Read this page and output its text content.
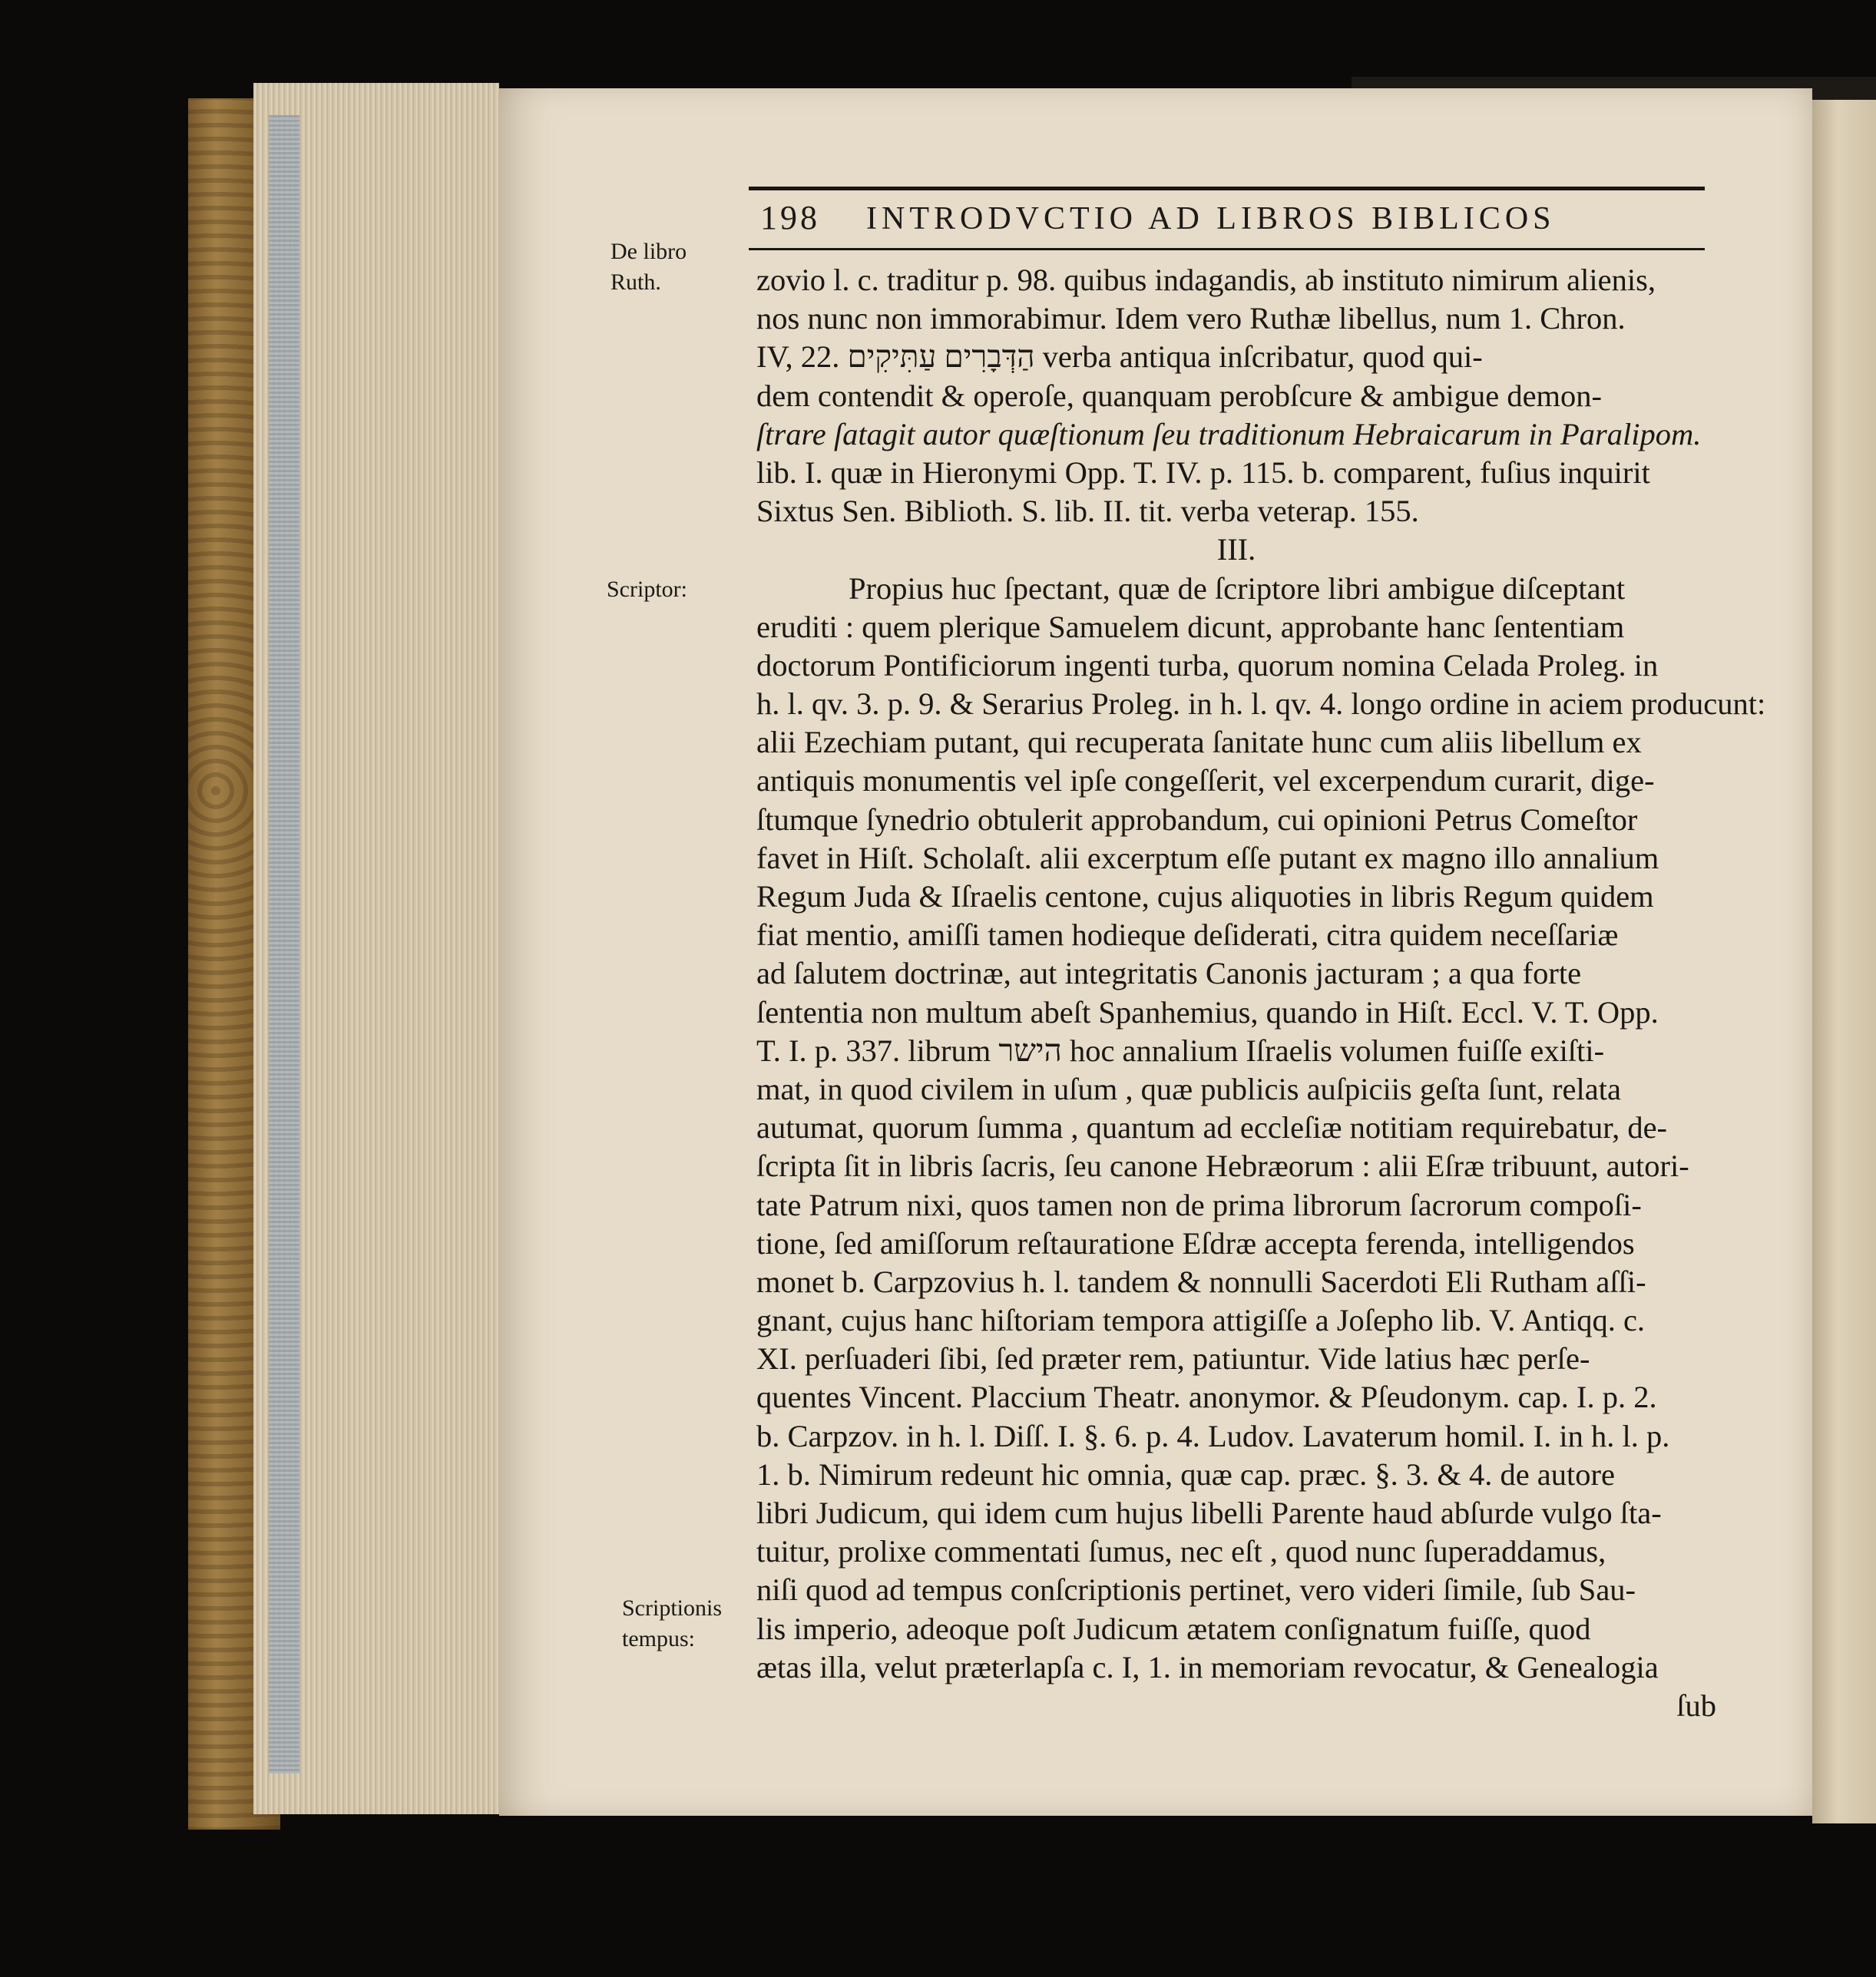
198 INTRODVCTIO AD LIBROS BIBLICOS
De libro
Ruth.
Scriptor:
Scriptionis
tempus:
zovio l. c. traditur p. 98. quibus indagandis, ab instituto nimirum alienis,
nos nunc non immorabimur. Idem vero Ruthæ libellus, num 1. Chron.
IV, 22. הַדְּבָרִים עַתִּיקִים verba antiqua inſcribatur, quod qui-
dem contendit & operoſe, quanquam perobſcure & ambigue demon-
ſtrare ſatagit autor quæſtionum ſeu traditionum Hebraicarum in Paralipom.
lib. I. quæ in Hieronymi Opp. T. IV. p. 115. b. comparent, fuſius inquirit
Sixtus Sen. Biblioth. S. lib. II. tit. verba veterap. 155.
III.
Propius huc ſpectant, quæ de ſcriptore libri ambigue diſceptant
eruditi : quem plerique Samuelem dicunt, approbante hanc ſententiam
doctorum Pontificiorum ingenti turba, quorum nomina Celada Proleg. in
h. l. qv. 3. p. 9. & Serarius Proleg. in h. l. qv. 4. longo ordine in aciem producunt:
alii Ezechiam putant, qui recuperata ſanitate hunc cum aliis libellum ex
antiquis monumentis vel ipſe congeſſerit, vel excerpendum curarit, dige-
ſtumque ſynedrio obtulerit approbandum, cui opinioni Petrus Comeſtor
favet in Hiſt. Scholaſt. alii excerptum eſſe putant ex magno illo annalium
Regum Juda & Iſraelis centone, cujus aliquoties in libris Regum quidem
fiat mentio, amiſſi tamen hodieque deſiderati, citra quidem neceſſariæ
ad ſalutem doctrinæ, aut integritatis Canonis jacturam ; a qua forte
ſententia non multum abeſt Spanhemius, quando in Hiſt. Eccl. V. T. Opp.
T. I. p. 337. librum הישר hoc annalium Iſraelis volumen fuiſſe exiſti-
mat, in quod civilem in uſum , quæ publicis auſpiciis geſta ſunt, relata
autumat, quorum ſumma , quantum ad eccleſiæ notitiam requirebatur, de-
ſcripta ſit in libris ſacris, ſeu canone Hebræorum : alii Eſræ tribuunt, autori-
tate Patrum nixi, quos tamen non de prima librorum ſacrorum compoſi-
tione, ſed amiſſorum reſtauratione Eſdræ accepta ferenda, intelligendos
monet b. Carpzovius h. l. tandem & nonnulli Sacerdoti Eli Rutham aſſi-
gnant, cujus hanc hiſtoriam tempora attigiſſe a Joſepho lib. V. Antiqq. c.
XI. perſuaderi ſibi, ſed præter rem, patiuntur. Vide latius hæc perſe-
quentes Vincent. Placcium Theatr. anonymor. & Pſeudonym. cap. I. p. 2.
b. Carpzov. in h. l. Diſſ. I. §. 6. p. 4. Ludov. Lavaterum homil. I. in h. l. p.
1. b. Nimirum redeunt hic omnia, quæ cap. præc. §. 3. & 4. de autore
libri Judicum, qui idem cum hujus libelli Parente haud abſurde vulgo ſta-
tuitur, prolixe commentati ſumus, nec eſt , quod nunc ſuperaddamus,
niſi quod ad tempus conſcriptionis pertinet, vero videri ſimile, ſub Sau-
lis imperio, adeoque poſt Judicum ætatem conſignatum fuiſſe, quod
ætas illa, velut præterlapſa c. I, 1. in memoriam revocatur, & Genealogia
ſub
